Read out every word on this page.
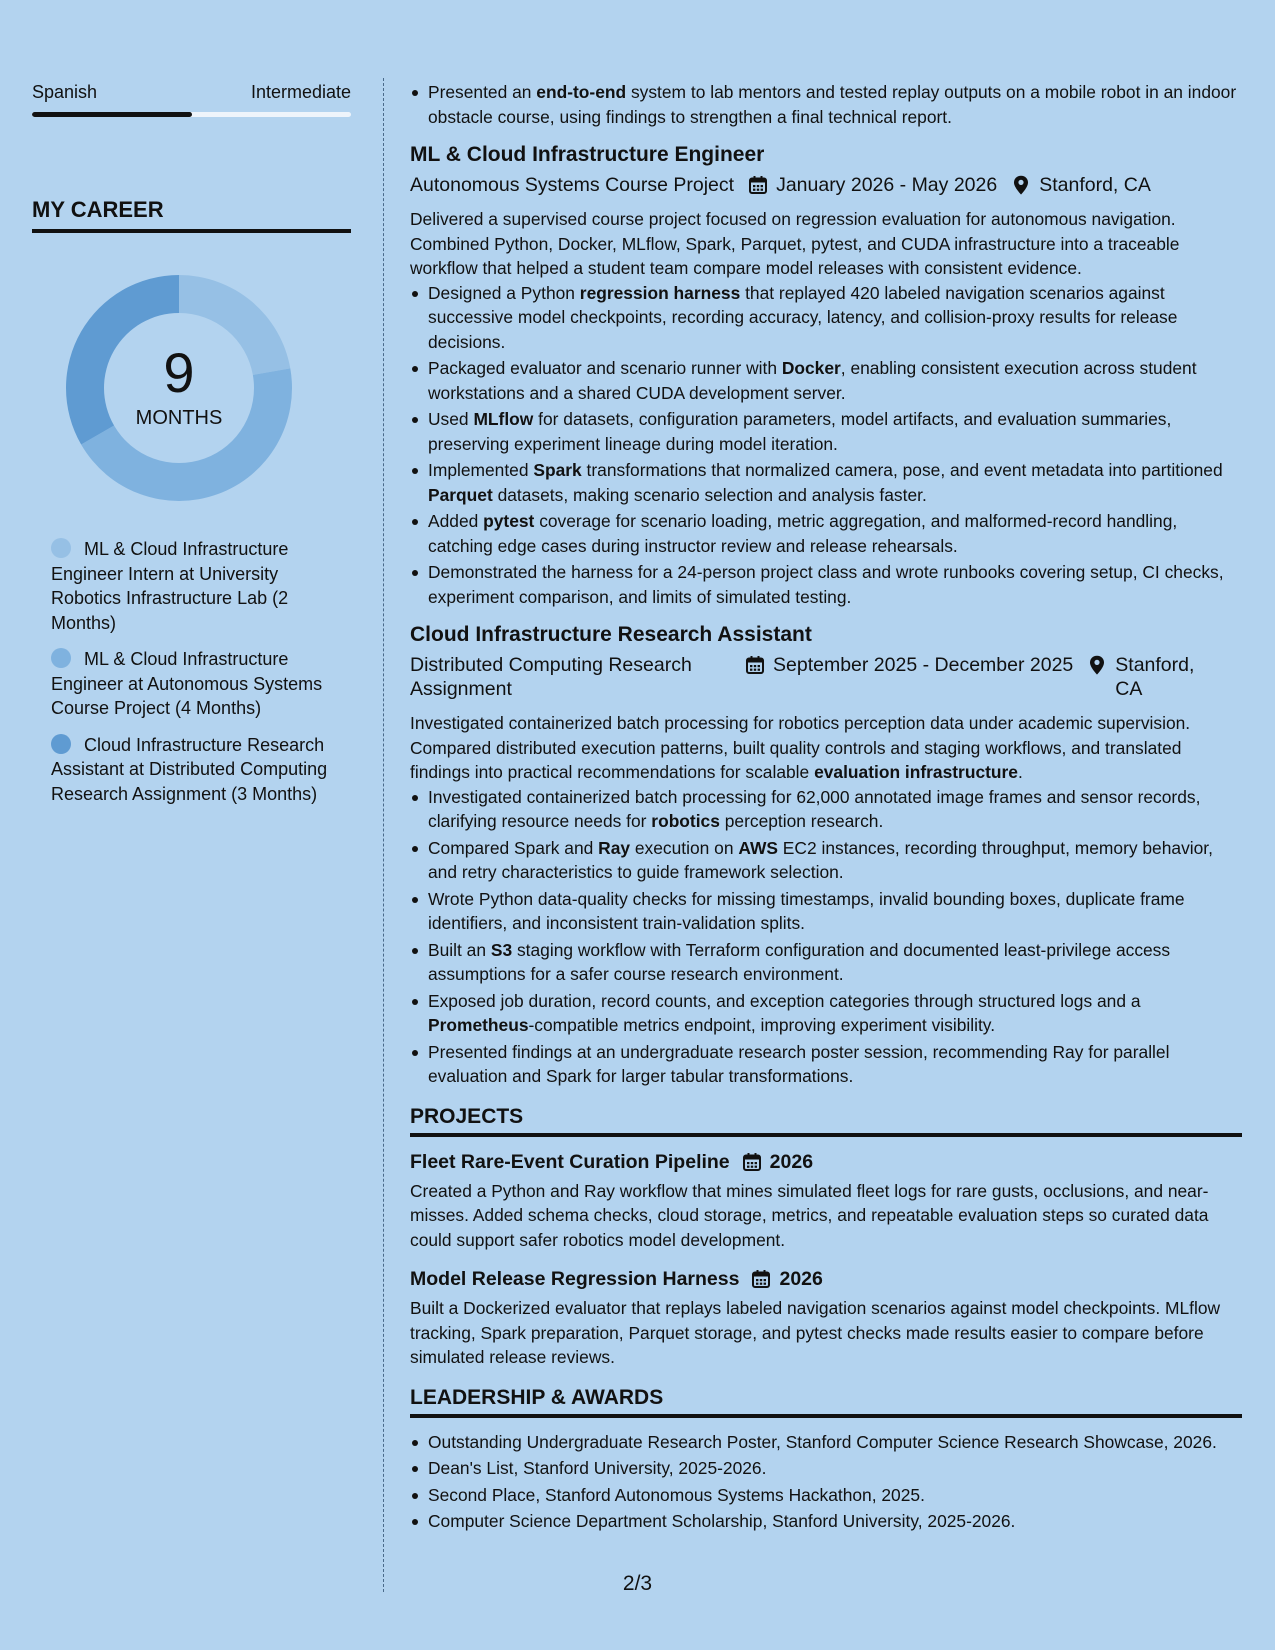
Spanish	Intermediate
MY CAREER
9
MONTHS
ML & Cloud Infrastructure Engineer Intern at University Robotics Infrastructure Lab (2 Months)
ML & Cloud Infrastructure Engineer at Autonomous Systems Course Project (4 Months)
Cloud Infrastructure Research Assistant at Distributed Computing Research Assignment (3 Months)
Presented an end-to-end system to lab mentors and tested replay outputs on a mobile robot in an indoor obstacle course, using findings to strengthen a final technical report.
ML & Cloud Infrastructure Engineer
Autonomous Systems Course Project January 2026 - May 2026 Stanford, CA
Delivered a supervised course project focused on regression evaluation for autonomous navigation. Combined Python, Docker, MLflow, Spark, Parquet, pytest, and CUDA infrastructure into a traceable workflow that helped a student team compare model releases with consistent evidence.
Designed a Python regression harness that replayed 420 labeled navigation scenarios against successive model checkpoints, recording accuracy, latency, and collision-proxy results for release decisions.
Packaged evaluator and scenario runner with Docker, enabling consistent execution across student workstations and a shared CUDA development server.
Used MLflow for datasets, configuration parameters, model artifacts, and evaluation summaries, preserving experiment lineage during model iteration.
Implemented Spark transformations that normalized camera, pose, and event metadata into partitioned Parquet datasets, making scenario selection and analysis faster.
Added pytest coverage for scenario loading, metric aggregation, and malformed-record handling, catching edge cases during instructor review and release rehearsals.
Demonstrated the harness for a 24-person project class and wrote runbooks covering setup, CI checks, experiment comparison, and limits of simulated testing.
Cloud Infrastructure Research Assistant
Distributed Computing Research Assignment
September 2025 - December 2025 Stanford, CA
Investigated containerized batch processing for robotics perception data under academic supervision. Compared distributed execution patterns, built quality controls and staging workflows, and translated findings into practical recommendations for scalable evaluation infrastructure.
Investigated containerized batch processing for 62,000 annotated image frames and sensor records, clarifying resource needs for robotics perception research.
Compared Spark and Ray execution on AWS EC2 instances, recording throughput, memory behavior, and retry characteristics to guide framework selection.
Wrote Python data-quality checks for missing timestamps, invalid bounding boxes, duplicate frame identifiers, and inconsistent train-validation splits.
Built an S3 staging workflow with Terraform configuration and documented least-privilege access assumptions for a safer course research environment.
Exposed job duration, record counts, and exception categories through structured logs and a Prometheus-compatible metrics endpoint, improving experiment visibility.
Presented findings at an undergraduate research poster session, recommending Ray for parallel evaluation and Spark for larger tabular transformations.
PROJECTS
Fleet Rare-Event Curation Pipeline 2026
Created a Python and Ray workflow that mines simulated fleet logs for rare gusts, occlusions, and near-misses. Added schema checks, cloud storage, metrics, and repeatable evaluation steps so curated data could support safer robotics model development.
Model Release Regression Harness 2026
Built a Dockerized evaluator that replays labeled navigation scenarios against model checkpoints. MLflow tracking, Spark preparation, Parquet storage, and pytest checks made results easier to compare before simulated release reviews.
LEADERSHIP & AWARDS
Outstanding Undergraduate Research Poster, Stanford Computer Science Research Showcase, 2026.
Dean's List, Stanford University, 2025-2026.
Second Place, Stanford Autonomous Systems Hackathon, 2025.
Computer Science Department Scholarship, Stanford University, 2025-2026.
2/3
